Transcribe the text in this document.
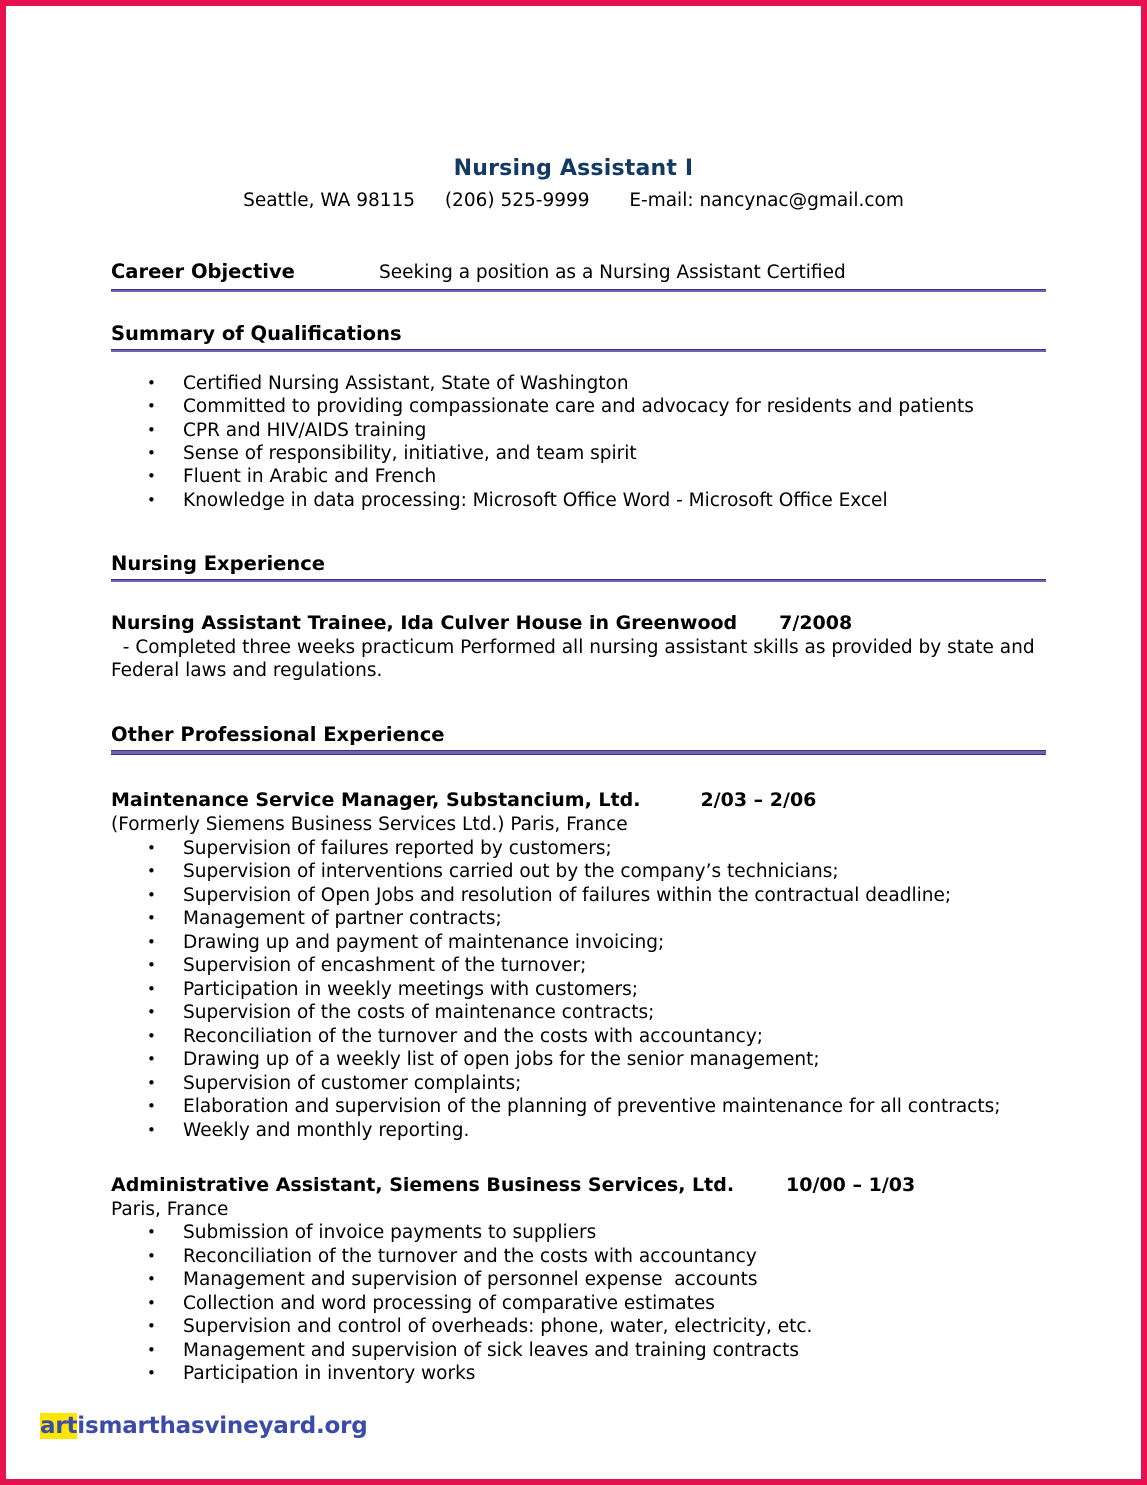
Nursing Assistant I
Seattle, WA 98115 (206) 525-9999 E-mail: nancynac@gmail.com
Career Objective	Seeking a position as a Nursing Assistant Certified
Summary of Qualifications
• Certified Nursing Assistant, State of Washington
• Committed to providing compassionate care and advocacy for residents and patients
• CPR and HIV/AIDS training
• Sense of responsibility, initiative, and team spirit
• Fluent in Arabic and French
• Knowledge in data processing: Microsoft Office Word - Microsoft Office Excel
Nursing Experience
Nursing Assistant Trainee, Ida Culver House in Greenwood 7/2008
- Completed three weeks practicum Performed all nursing assistant skills as provided by state and Federal laws and regulations.
Other Professional Experience
Maintenance Service Manager, Substancium, Ltd.	2/03 – 2/06
(Formerly Siemens Business Services Ltd.) Paris, France
• Supervision of failures reported by customers;
• Supervision of interventions carried out by the company’s technicians;
• Supervision of Open Jobs and resolution of failures within the contractual deadline;
• Management of partner contracts;
• Drawing up and payment of maintenance invoicing;
• Supervision of encashment of the turnover;
• Participation in weekly meetings with customers;
• Supervision of the costs of maintenance contracts;
• Reconciliation of the turnover and the costs with accountancy;
• Drawing up of a weekly list of open jobs for the senior management;
• Supervision of customer complaints;
• Elaboration and supervision of the planning of preventive maintenance for all contracts;
• Weekly and monthly reporting.
Administrative Assistant, Siemens Business Services, Ltd.	10/00 – 1/03
Paris, France
• Submission of invoice payments to suppliers
• Reconciliation of the turnover and the costs with accountancy
• Management and supervision of personnel expense  accounts
• Collection and word processing of comparative estimates
• Supervision and control of overheads: phone, water, electricity, etc.
• Management and supervision of sick leaves and training contracts
• Participation in inventory works
artismarthasvineyard.org
